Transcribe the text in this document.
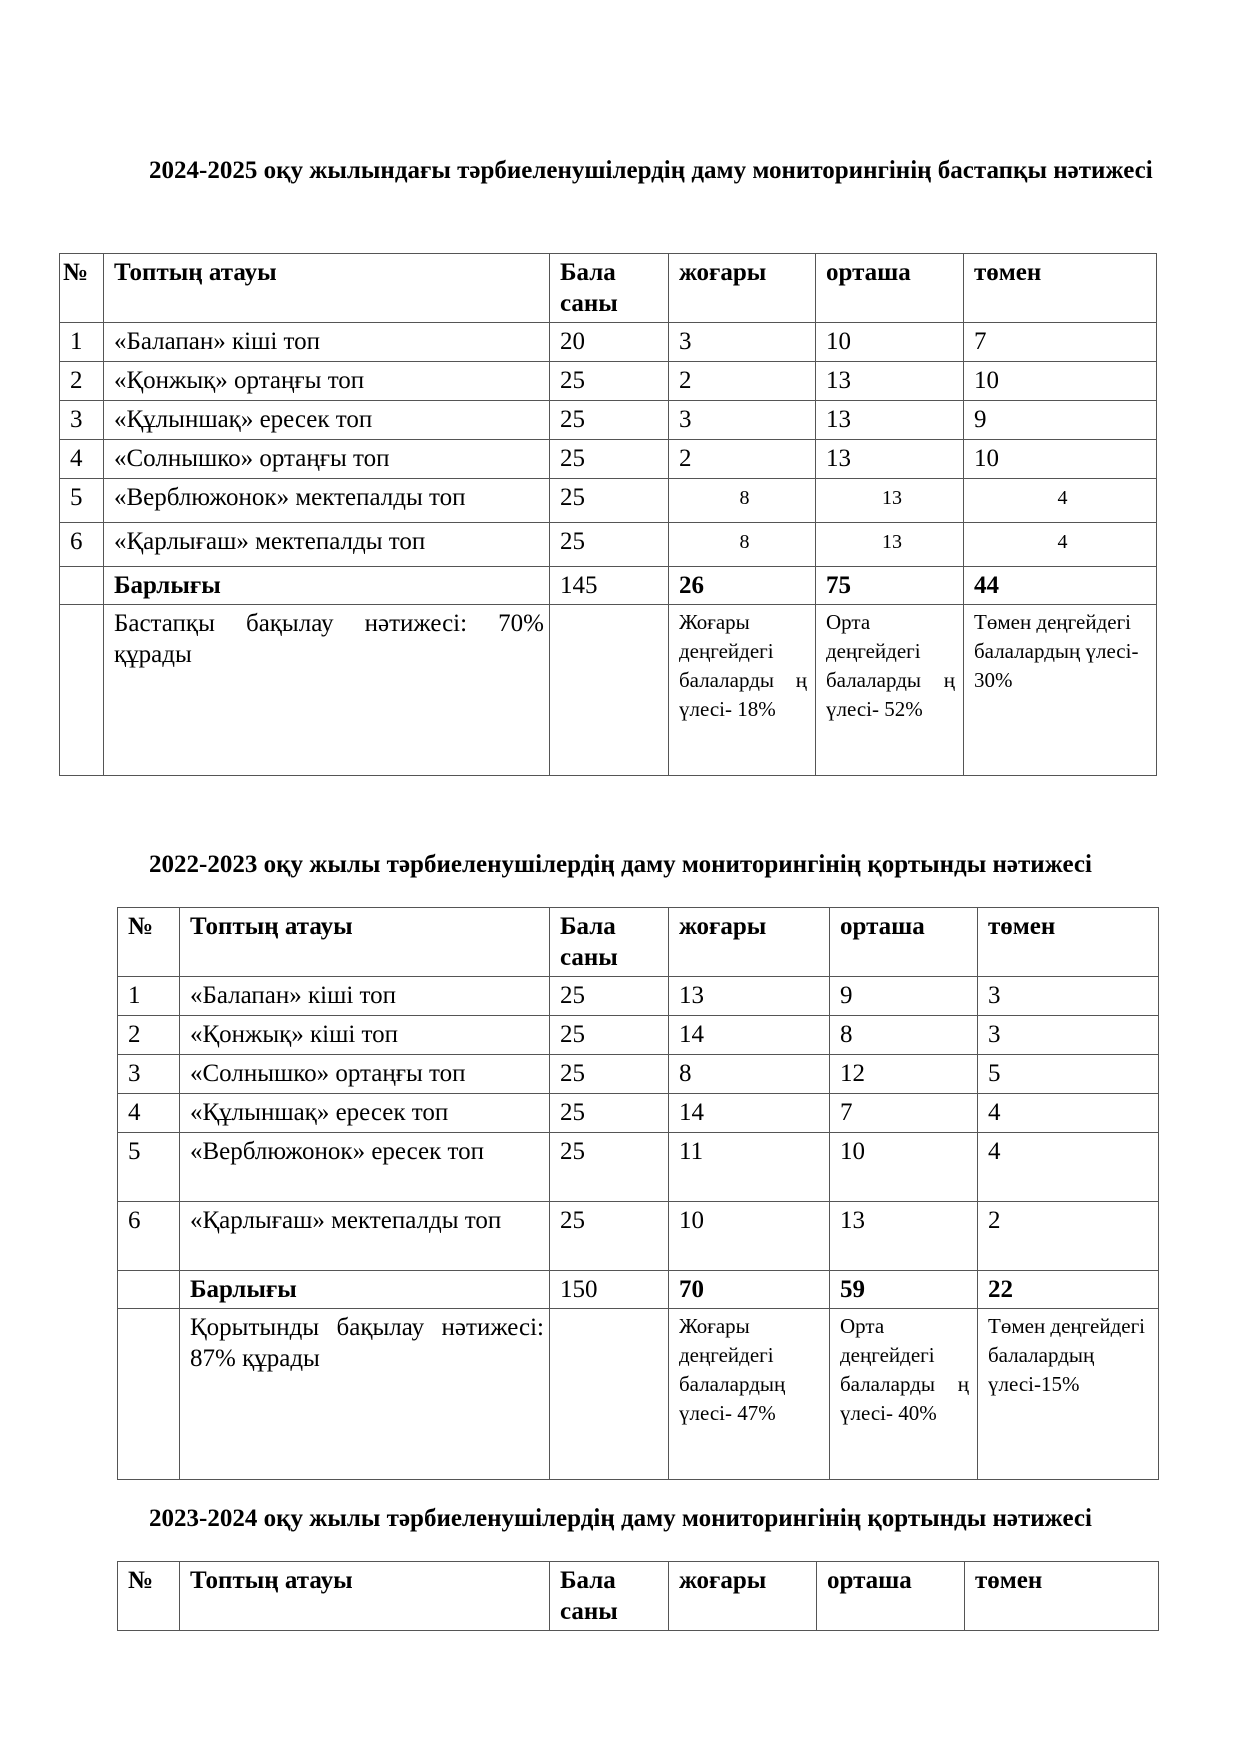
2024-2025 оқу жылындағы тәрбиеленушілердің даму мониторингінің бастапқы нәтижесі

№	Топтың атауы	Бала саны	жоғары	орташа	төмен
1	«Балапан» кіші топ	20	3	10	7
2	«Қонжық» ортаңғы топ	25	2	13	10
3	«Құлыншақ» ересек топ	25	3	13	9
4	«Солнышко» ортаңғы топ	25	2	13	10
5	«Верблюжонок» мектепалды топ	25	8	13	4
6	«Қарлығаш» мектепалды топ	25	8	13	4
	Барлығы	145	26	75	44
	Бастапқы бақылау нәтижесі: 70% құрады		Жоғары деңгейдегі балаларды ң үлесі- 18%	Орта деңгейдегі балаларды ң үлесі- 52%	Төмен деңгейдегі балалардың үлесі- 30%

2022-2023 оқу жылы тәрбиеленушілердің даму мониторингінің қортынды нәтижесі

№	Топтың атауы	Бала саны	жоғары	орташа	төмен
1	«Балапан» кіші топ	25	13	9	3
2	«Қонжық» кіші топ	25	14	8	3
3	«Солнышко» ортаңғы топ	25	8	12	5
4	«Құлыншақ» ересек топ	25	14	7	4
5	«Верблюжонок» ересек топ	25	11	10	4
6	«Қарлығаш» мектепалды топ	25	10	13	2
	Барлығы	150	70	59	22
	Қорытынды бақылау нәтижесі: 87% құрады		Жоғары деңгейдегі балалардың үлесі- 47%	Орта деңгейдегі балаларды ң үлесі- 40%	Төмен деңгейдегі балалардың үлесі-15%

2023-2024 оқу жылы тәрбиеленушілердің даму мониторингінің қортынды нәтижесі

№	Топтың атауы	Бала саны	жоғары	орташа	төмен
